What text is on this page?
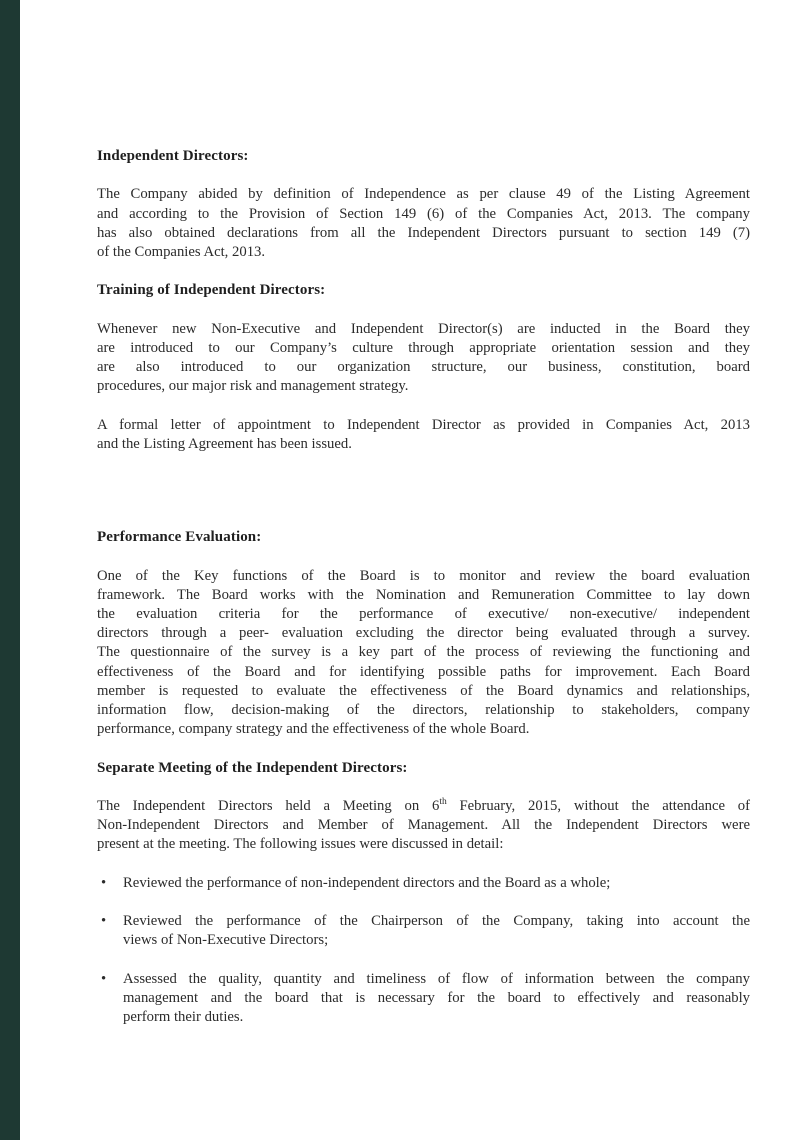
Independent Directors:
The Company abided by definition of Independence as per clause 49 of the Listing Agreement
and according to the Provision of Section 149 (6) of the Companies Act, 2013. The company
has also obtained declarations from all the Independent Directors pursuant to section 149 (7)
of the Companies Act, 2013.
Training of Independent Directors:
Whenever new Non-Executive and Independent Director(s) are inducted in the Board they
are introduced to our Company’s culture through appropriate orientation session and they
are also introduced to our organization structure, our business, constitution, board
procedures, our major risk and management strategy.
A formal letter of appointment to Independent Director as provided in Companies Act, 2013
and the Listing Agreement has been issued.
Performance Evaluation:
One of the Key functions of the Board is to monitor and review the board evaluation
framework. The Board works with the Nomination and Remuneration Committee to lay down
the evaluation criteria for the performance of executive/ non-executive/ independent
directors through a peer- evaluation excluding the director being evaluated through a survey.
The questionnaire of the survey is a key part of the process of reviewing the functioning and
effectiveness of the Board and for identifying possible paths for improvement. Each Board
member is requested to evaluate the effectiveness of the Board dynamics and relationships,
information flow, decision-making of the directors, relationship to stakeholders, company
performance, company strategy and the effectiveness of the whole Board.
Separate Meeting of the Independent Directors:
The Independent Directors held a Meeting on 6th February, 2015, without the attendance of
Non-Independent Directors and Member of Management. All the Independent Directors were
present at the meeting. The following issues were discussed in detail:
• Reviewed the performance of non-independent directors and the Board as a whole;
• Reviewed the performance of the Chairperson of the Company, taking into account the
views of Non-Executive Directors;
• Assessed the quality, quantity and timeliness of flow of information between the company
management and the board that is necessary for the board to effectively and reasonably
perform their duties.
